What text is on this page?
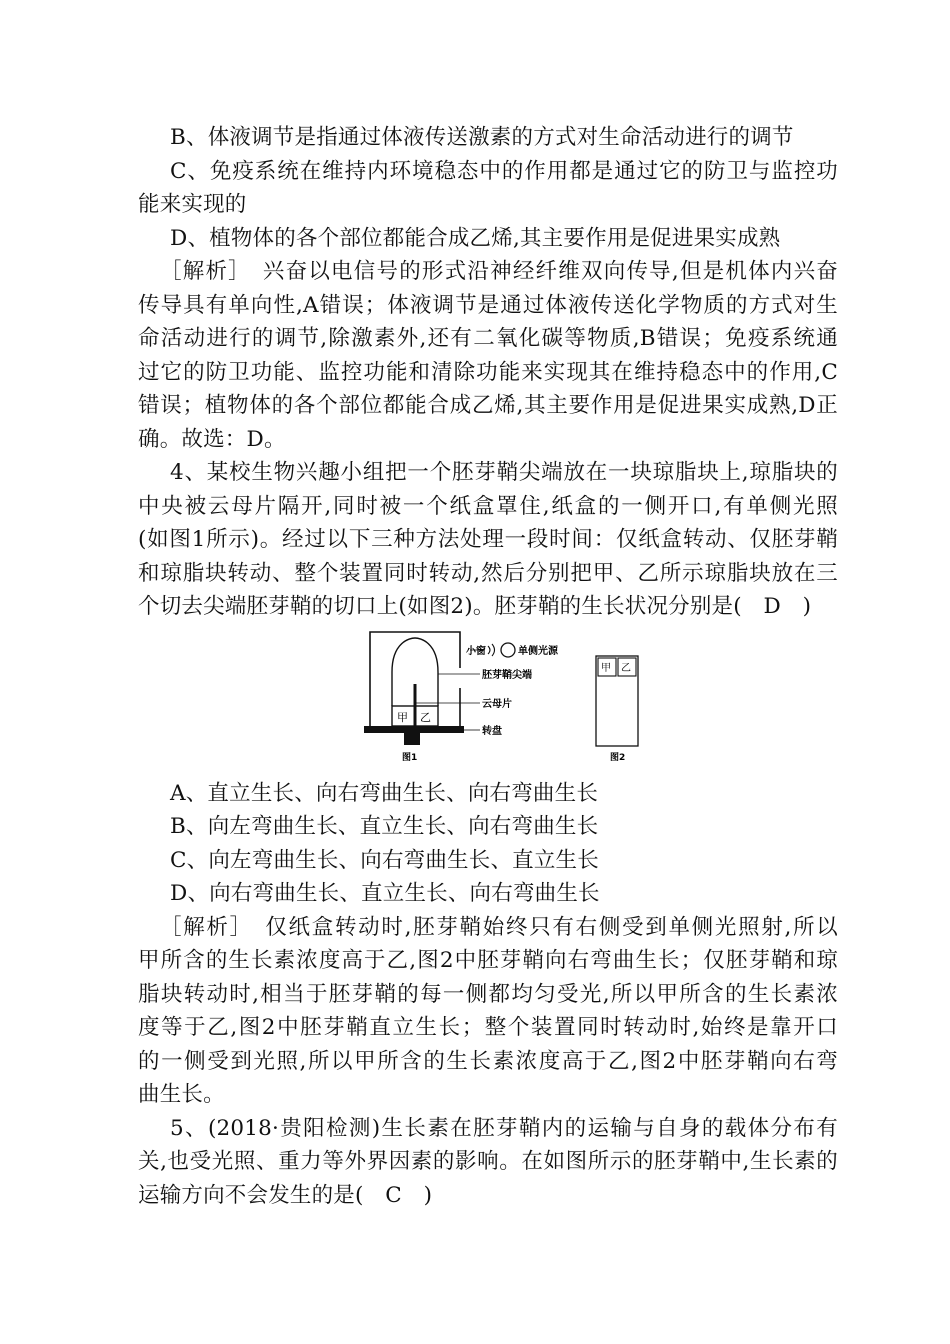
B、体液调节是指通过体液传送激素的方式对生命活动进行的调节
C、免疫系统在维持内环境稳态中的作用都是通过它的防卫与监控功
能来实现的
D、植物体的各个部位都能合成乙烯,其主要作用是促进果实成熟
［解析］　兴奋以电信号的形式沿神经纤维双向传导,但是机体内兴奋
传导具有单向性,A错误；体液调节是通过体液传送化学物质的方式对生
命活动进行的调节,除激素外,还有二氧化碳等物质,B错误；免疫系统通
过它的防卫功能、监控功能和清除功能来实现其在维持稳态中的作用,C
错误；植物体的各个部位都能合成乙烯,其主要作用是促进果实成熟,D正
确。故选：D。
4、某校生物兴趣小组把一个胚芽鞘尖端放在一块琼脂块上,琼脂块的
中央被云母片隔开,同时被一个纸盒罩住,纸盒的一侧开口,有单侧光照
(如图1所示)。经过以下三种方法处理一段时间：仅纸盒转动、仅胚芽鞘
和琼脂块转动、整个装置同时转动,然后分别把甲、乙所示琼脂块放在三
个切去尖端胚芽鞘的切口上(如图2)。胚芽鞘的生长状况分别是(　D　)
甲 乙
小窗	单侧光源
胚芽鞘尖端
云母片
转盘
图1
甲 乙
图2
A、直立生长、向右弯曲生长、向右弯曲生长
B、向左弯曲生长、直立生长、向右弯曲生长
C、向左弯曲生长、向右弯曲生长、直立生长
D、向右弯曲生长、直立生长、向右弯曲生长
［解析］　仅纸盒转动时,胚芽鞘始终只有右侧受到单侧光照射,所以
甲所含的生长素浓度高于乙,图2中胚芽鞘向右弯曲生长；仅胚芽鞘和琼
脂块转动时,相当于胚芽鞘的每一侧都均匀受光,所以甲所含的生长素浓
度等于乙,图2中胚芽鞘直立生长；整个装置同时转动时,始终是靠开口
的一侧受到光照,所以甲所含的生长素浓度高于乙,图2中胚芽鞘向右弯
曲生长。
5、(2018·贵阳检测)生长素在胚芽鞘内的运输与自身的载体分布有
关,也受光照、重力等外界因素的影响。在如图所示的胚芽鞘中,生长素的
运输方向不会发生的是(　C　)
